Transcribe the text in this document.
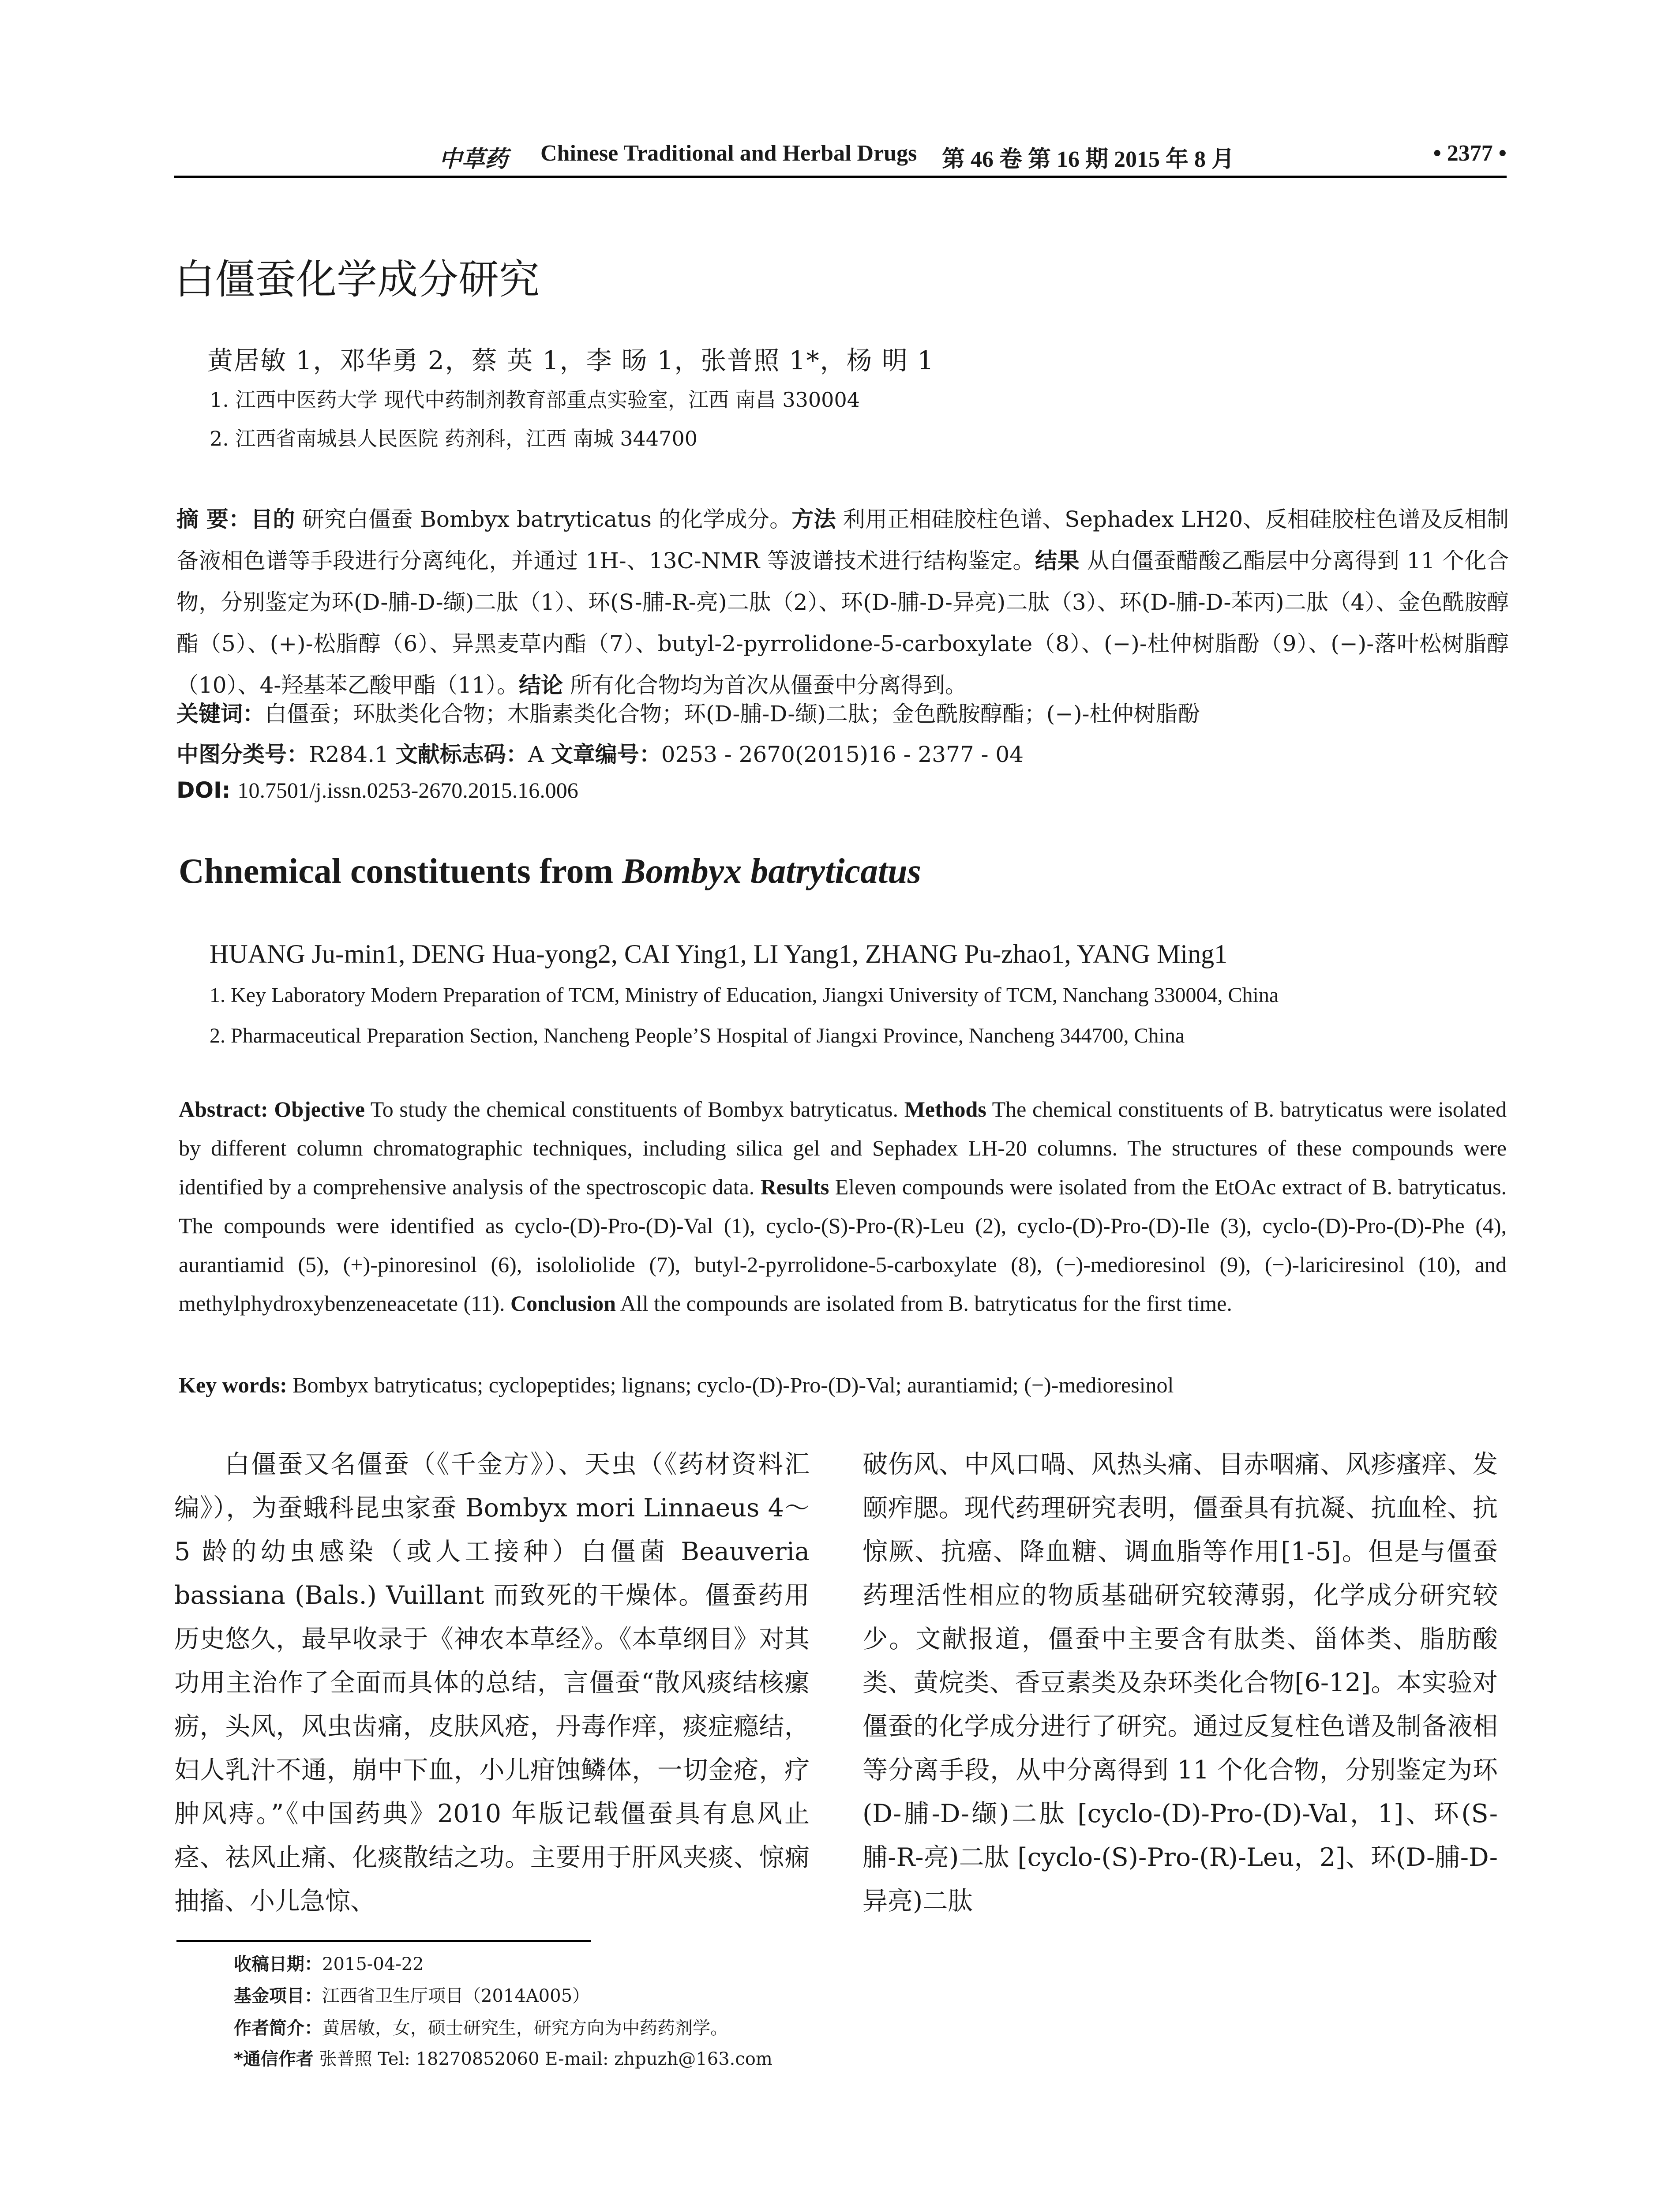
中草药 Chinese Traditional and Herbal Drugs 第 46 卷 第 16 期 2015 年 8 月	• 2377 •
白僵蚕化学成分研究
黄居敏 1，邓华勇 2，蔡 英 1，李 旸 1，张普照 1*，杨 明 1
1. 江西中医药大学 现代中药制剂教育部重点实验室，江西 南昌 330004
2. 江西省南城县人民医院 药剂科，江西 南城 344700
摘 要：目的 研究白僵蚕 Bombyx batryticatus 的化学成分。方法 利用正相硅胶柱色谱、Sephadex LH20、反相硅胶柱色谱及反相制备液相色谱等手段进行分离纯化，并通过 1H-、13C-NMR 等波谱技术进行结构鉴定。结果 从白僵蚕醋酸乙酯层中分离得到 11 个化合物，分别鉴定为环(D-脯-D-缬)二肽（1）、环(S-脯-R-亮)二肽（2）、环(D-脯-D-异亮)二肽（3）、环(D-脯-D-苯丙)二肽（4）、金色酰胺醇酯（5）、(+)-松脂醇（6）、异黑麦草内酯（7）、butyl-2-pyrrolidone-5-carboxylate（8）、(−)-杜仲树脂酚（9）、(−)-落叶松树脂醇（10）、4-羟基苯乙酸甲酯（11）。结论 所有化合物均为首次从僵蚕中分离得到。
关键词：白僵蚕；环肽类化合物；木脂素类化合物；环(D-脯-D-缬)二肽；金色酰胺醇酯；(−)-杜仲树脂酚
中图分类号：R284.1 文献标志码：A 文章编号：0253 - 2670(2015)16 - 2377 - 04
DOI: 10.7501/j.issn.0253-2670.2015.16.006
Chnemical constituents from Bombyx batryticatus
HUANG Ju-min1, DENG Hua-yong2, CAI Ying1, LI Yang1, ZHANG Pu-zhao1, YANG Ming1
1. Key Laboratory Modern Preparation of TCM, Ministry of Education, Jiangxi University of TCM, Nanchang 330004, China
2. Pharmaceutical Preparation Section, Nancheng People’S Hospital of Jiangxi Province, Nancheng 344700, China
Abstract: Objective To study the chemical constituents of Bombyx batryticatus. Methods The chemical constituents of B. batryticatus were isolated by different column chromatographic techniques, including silica gel and Sephadex LH-20 columns. The structures of these compounds were identified by a comprehensive analysis of the spectroscopic data. Results Eleven compounds were isolated from the EtOAc extract of B. batryticatus. The compounds were identified as cyclo-(D)-Pro-(D)-Val (1), cyclo-(S)-Pro-(R)-Leu (2), cyclo-(D)-Pro-(D)-Ile (3), cyclo-(D)-Pro-(D)-Phe (4), aurantiamid (5), (+)-pinoresinol (6), isololiolide (7), butyl-2-pyrrolidone-5-carboxylate (8), (−)-medioresinol (9), (−)-lariciresinol (10), and methylphydroxybenzeneacetate (11). Conclusion All the compounds are isolated from B. batryticatus for the first time.
Key words: Bombyx batryticatus; cyclopeptides; lignans; cyclo-(D)-Pro-(D)-Val; aurantiamid; (−)-medioresinol
白僵蚕又名僵蚕（《千金方》）、天虫（《药材资料汇编》），为蚕蛾科昆虫家蚕 Bombyx mori Linnaeus 4～5 龄的幼虫感染（或人工接种）白僵菌 Beauveria bassiana (Bals.) Vuillant 而致死的干燥体。僵蚕药用历史悠久，最早收录于《神农本草经》。《本草纲目》对其功用主治作了全面而具体的总结，言僵蚕“散风痰结核瘰疬，头风，风虫齿痛，皮肤风疮，丹毒作痒，痰症瘾结，妇人乳汁不通，崩中下血，小儿疳蚀鳞体，一切金疮，疗肿风痔。”《中国药典》2010 年版记载僵蚕具有息风止痉、祛风止痛、化痰散结之功。主要用于肝风夹痰、惊痫抽搐、小儿急惊、
破伤风、中风口喎、风热头痛、目赤咽痛、风疹瘙痒、发颐痄腮。现代药理研究表明，僵蚕具有抗凝、抗血栓、抗惊厥、抗癌、降血糖、调血脂等作用[1-5]。但是与僵蚕药理活性相应的物质基础研究较薄弱，化学成分研究较少。文献报道，僵蚕中主要含有肽类、甾体类、脂肪酸类、黄烷类、香豆素类及杂环类化合物[6-12]。本实验对僵蚕的化学成分进行了研究。通过反复柱色谱及制备液相等分离手段，从中分离得到 11 个化合物，分别鉴定为环(D-脯-D-缬)二肽 [cyclo-(D)-Pro-(D)-Val，1]、环(S-脯-R-亮)二肽 [cyclo-(S)-Pro-(R)-Leu，2]、环(D-脯-D-异亮)二肽
收稿日期：2015-04-22
基金项目：江西省卫生厅项目（2014A005）
作者简介：黄居敏，女，硕士研究生，研究方向为中药药剂学。
*通信作者 张普照 Tel: 18270852060 E-mail: zhpuzh@163.com
